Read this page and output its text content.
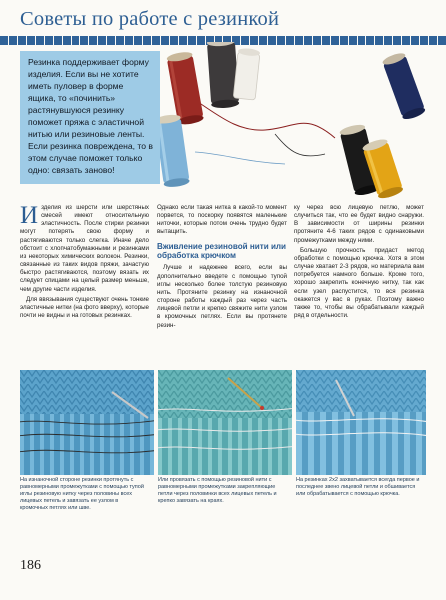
Советы по работе с резинкой
Резинка поддерживает форму изделия. Если вы не хотите иметь пуловер в форме ящика, то «починить» растянувшуюся резинку поможет пряжа с эластичной нитью или резиновые ленты. Если резинка повреждена, то в этом случае поможет только одно: связать заново!
И зделия из шерсти или шерстяных смесей имеют относительную эластичность. После стирки резинки могут потерять свою форму и растягиваются только слегка. Иначе дело обстоит с хлопчатобумажными и резинками из некоторых химических волокон. Резинки, связанные из таких видов пряжи, зачастую быстро растягиваются, поэтому вязать их следует спицами на целый размер меньше, чем другие части изделия.

Для ввязывания существуют очень тонкие эластичные нитки (на фото вверху), которые почти не видны и на готовых резинках.

Однако если такая нитка в какой-то момент порвется, то поскорку появятся маленькие ниточки, которые потом очень трудно будет вытащить.

Вживление резиновой нити или обработка крючком

Лучше и надежнее всего, если вы дополнительно введете с помощью тупой иглы несколько более толстую резиновую нить. Протяните резинку на изнаночной стороне работы каждый раз через часть лицевой петли и крепко свяжите нити узлом в кромочных петлях. Если вы протянете резин-

ку через всю лицевую петлю, может случиться так, что ее будет видно снаружи. В зависимости от ширины резинки протяните 4-6 таких рядов с одинаковыми промежутками между ними.

Большую прочность придаст метод обработки с помощью крючка. Хотя в этом случае хватает 2-3 рядов, но материала вам потребуется намного больше. Кроме того, хорошо закрепить конечную нитку, так как если узел распустится, то вся резинка окажется у вас в руках. Поэтому важно также то, чтобы вы обрабатывали каждый ряд в отдельности.

На изнаночной стороне резинки протянуть с равномерными промежутками с помощью тупой иглы резиновую нитку через половины всех лицевых петель и завязать ее узлом в кромочных петлях или шве.
Или провязать с помощью резиновой нити с равномерными промежутками закрепляющие петли через половинки всех лицевых петель и крепко завязать на краях.
На резинках 2х2 захватывается всегда первое и последнее звено лицевой петли и обшивается или обрабатывается с помощью крючка.
186
